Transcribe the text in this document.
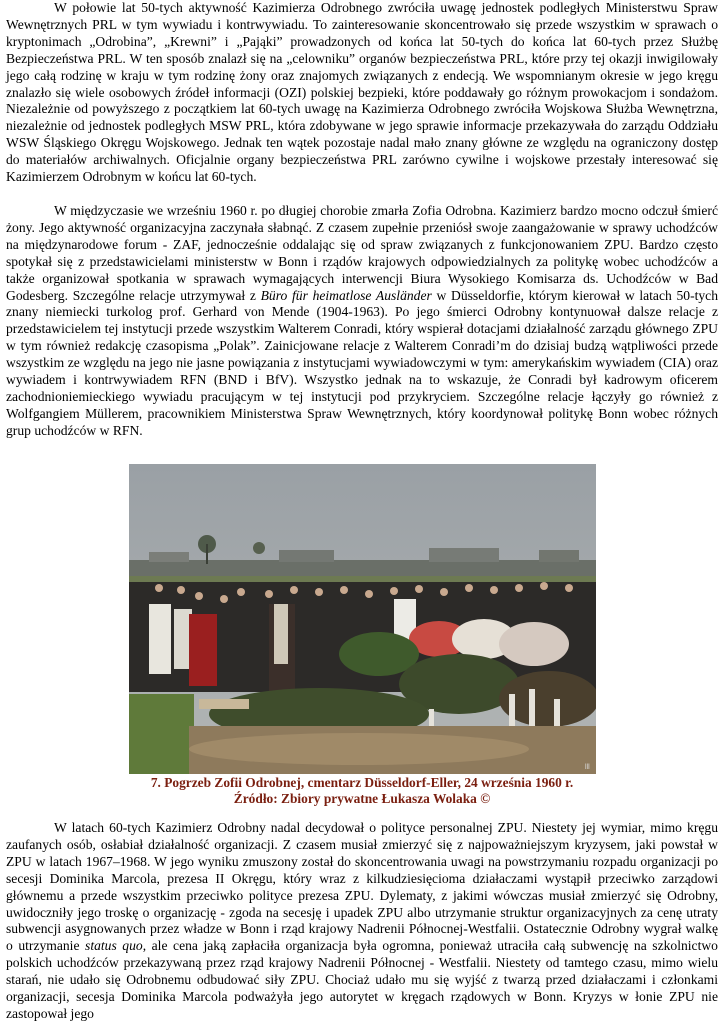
W połowie lat 50-tych aktywność Kazimierza Odrobnego zwróciła uwagę jednostek podległych Ministerstwu Spraw Wewnętrznych PRL w tym wywiadu i kontrwywiadu. To zainteresowanie skoncentrowało się przede wszystkim w sprawach o kryptonimach „Odrobina”, „Krewni” i „Pająki” prowadzonych od końca lat 50-tych do końca lat 60-tych przez Służbę Bezpieczeństwa PRL. W ten sposób znalazł się na „celowniku” organów bezpieczeństwa PRL, które przy tej okazji inwigilowały jego całą rodzinę w kraju w tym rodzinę żony oraz znajomych związanych z endecją. We wspomnianym okresie w jego kręgu znalazło się wiele osobowych źródeł informacji (OZI) polskiej bezpieki, które poddawały go różnym prowokacjom i sondażom. Niezależnie od powyższego z początkiem lat 60-tych uwagę na Kazimierza Odrobnego zwróciła Wojskowa Służba Wewnętrzna, niezależnie od jednostek podległych MSW PRL, która zdobywane w jego sprawie informacje przekazywała do zarządu Oddziału WSW Śląskiego Okręgu Wojskowego. Jednak ten wątek pozostaje nadal mało znany główne ze względu na ograniczony dostęp do materiałów archiwalnych. Oficjalnie organy bezpieczeństwa PRL zarówno cywilne i wojskowe przestały interesować się Kazimierzem Odrobnym w końcu lat 60-tych.

W międzyczasie we wrześniu 1960 r. po długiej chorobie zmarła Zofia Odrobna. Kazimierz bardzo mocno odczuł śmierć żony. Jego aktywność organizacyjna zaczynała słabnąć. Z czasem zupełnie przeniósł swoje zaangażowanie w sprawy uchodźców na międzynarodowe forum - ZAF, jednocześnie oddalając się od spraw związanych z funkcjonowaniem ZPU. Bardzo często spotykał się z przedstawicielami ministerstw w Bonn i rządów krajowych odpowiedzialnych za politykę wobec uchodźców a także organizował spotkania w sprawach wymagających interwencji Biura Wysokiego Komisarza ds. Uchodźców w Bad Godesberg. Szczególne relacje utrzymywał z Büro für heimatlose Ausländer w Düsseldorfie, którym kierował w latach 50-tych znany niemiecki turkolog prof. Gerhard von Mende (1904-1963). Po jego śmierci Odrobny kontynuował dalsze relacje z przedstawicielem tej instytucji przede wszystkim Walterem Conradi, który wspierał dotacjami działalność zarządu głównego ZPU w tym również redakcję czasopisma „Polak”. Zainicjowane relacje z Walterem Conradi’m do dzisiaj budzą wątpliwości przede wszystkim ze względu na jego nie jasne powiązania z instytucjami wywiadowczymi w tym: amerykańskim wywiadem (CIA) oraz wywiadem i kontrwywiadem RFN (BND i BfV). Wszystko jednak na to wskazuje, że Conradi był kadrowym oficerem zachodnioniemieckiego wywiadu pracującym w tej instytucji pod przykryciem. Szczególne relacje łączyły go również z Wolfgangiem Müllerem, pracownikiem Ministerstwa Spraw Wewnętrznych, który koordynował politykę Bonn wobec różnych grup uchodźców w RFN.

lll
7. Pogrzeb Zofii Odrobnej, cmentarz Düsseldorf-Eller, 24 września 1960 r.
Źródło: Zbiory prywatne Łukasza Wolaka ©

W latach 60-tych Kazimierz Odrobny nadal decydował o polityce personalnej ZPU. Niestety jej wymiar, mimo kręgu zaufanych osób, osłabiał działalność organizacji. Z czasem musiał zmierzyć się z najpoważniejszym kryzysem, jaki powstał w ZPU w latach 1967–1968. W jego wyniku zmuszony został do skoncentrowania uwagi na powstrzymaniu rozpadu organizacji po secesji Dominika Marcola, prezesa II Okręgu, który wraz z kilkudziesięcioma działaczami wystąpił przeciwko zarządowi głównemu a przede wszystkim przeciwko polityce prezesa ZPU. Dylematy, z jakimi wówczas musiał zmierzyć się Odrobny, uwidoczniły jego troskę o organizację - zgoda na secesję i upadek ZPU albo utrzymanie struktur organizacyjnych za cenę utraty subwencji asygnowanych przez władze w Bonn i rząd krajowy Nadrenii Północnej-Westfalii. Ostatecznie Odrobny wygrał walkę o utrzymanie status quo, ale cena jaką zapłaciła organizacja była ogromna, ponieważ utraciła całą subwencję na szkolnictwo polskich uchodźców przekazywaną przez rząd krajowy Nadrenii Północnej - Westfalii. Niestety od tamtego czasu, mimo wielu starań, nie udało się Odrobnemu odbudować siły ZPU. Chociaż udało mu się wyjść z twarzą przed działaczami i członkami organizacji, secesja Dominika Marcola podważyła jego autorytet w kręgach rządowych w Bonn. Kryzys w łonie ZPU nie zastopował jego
